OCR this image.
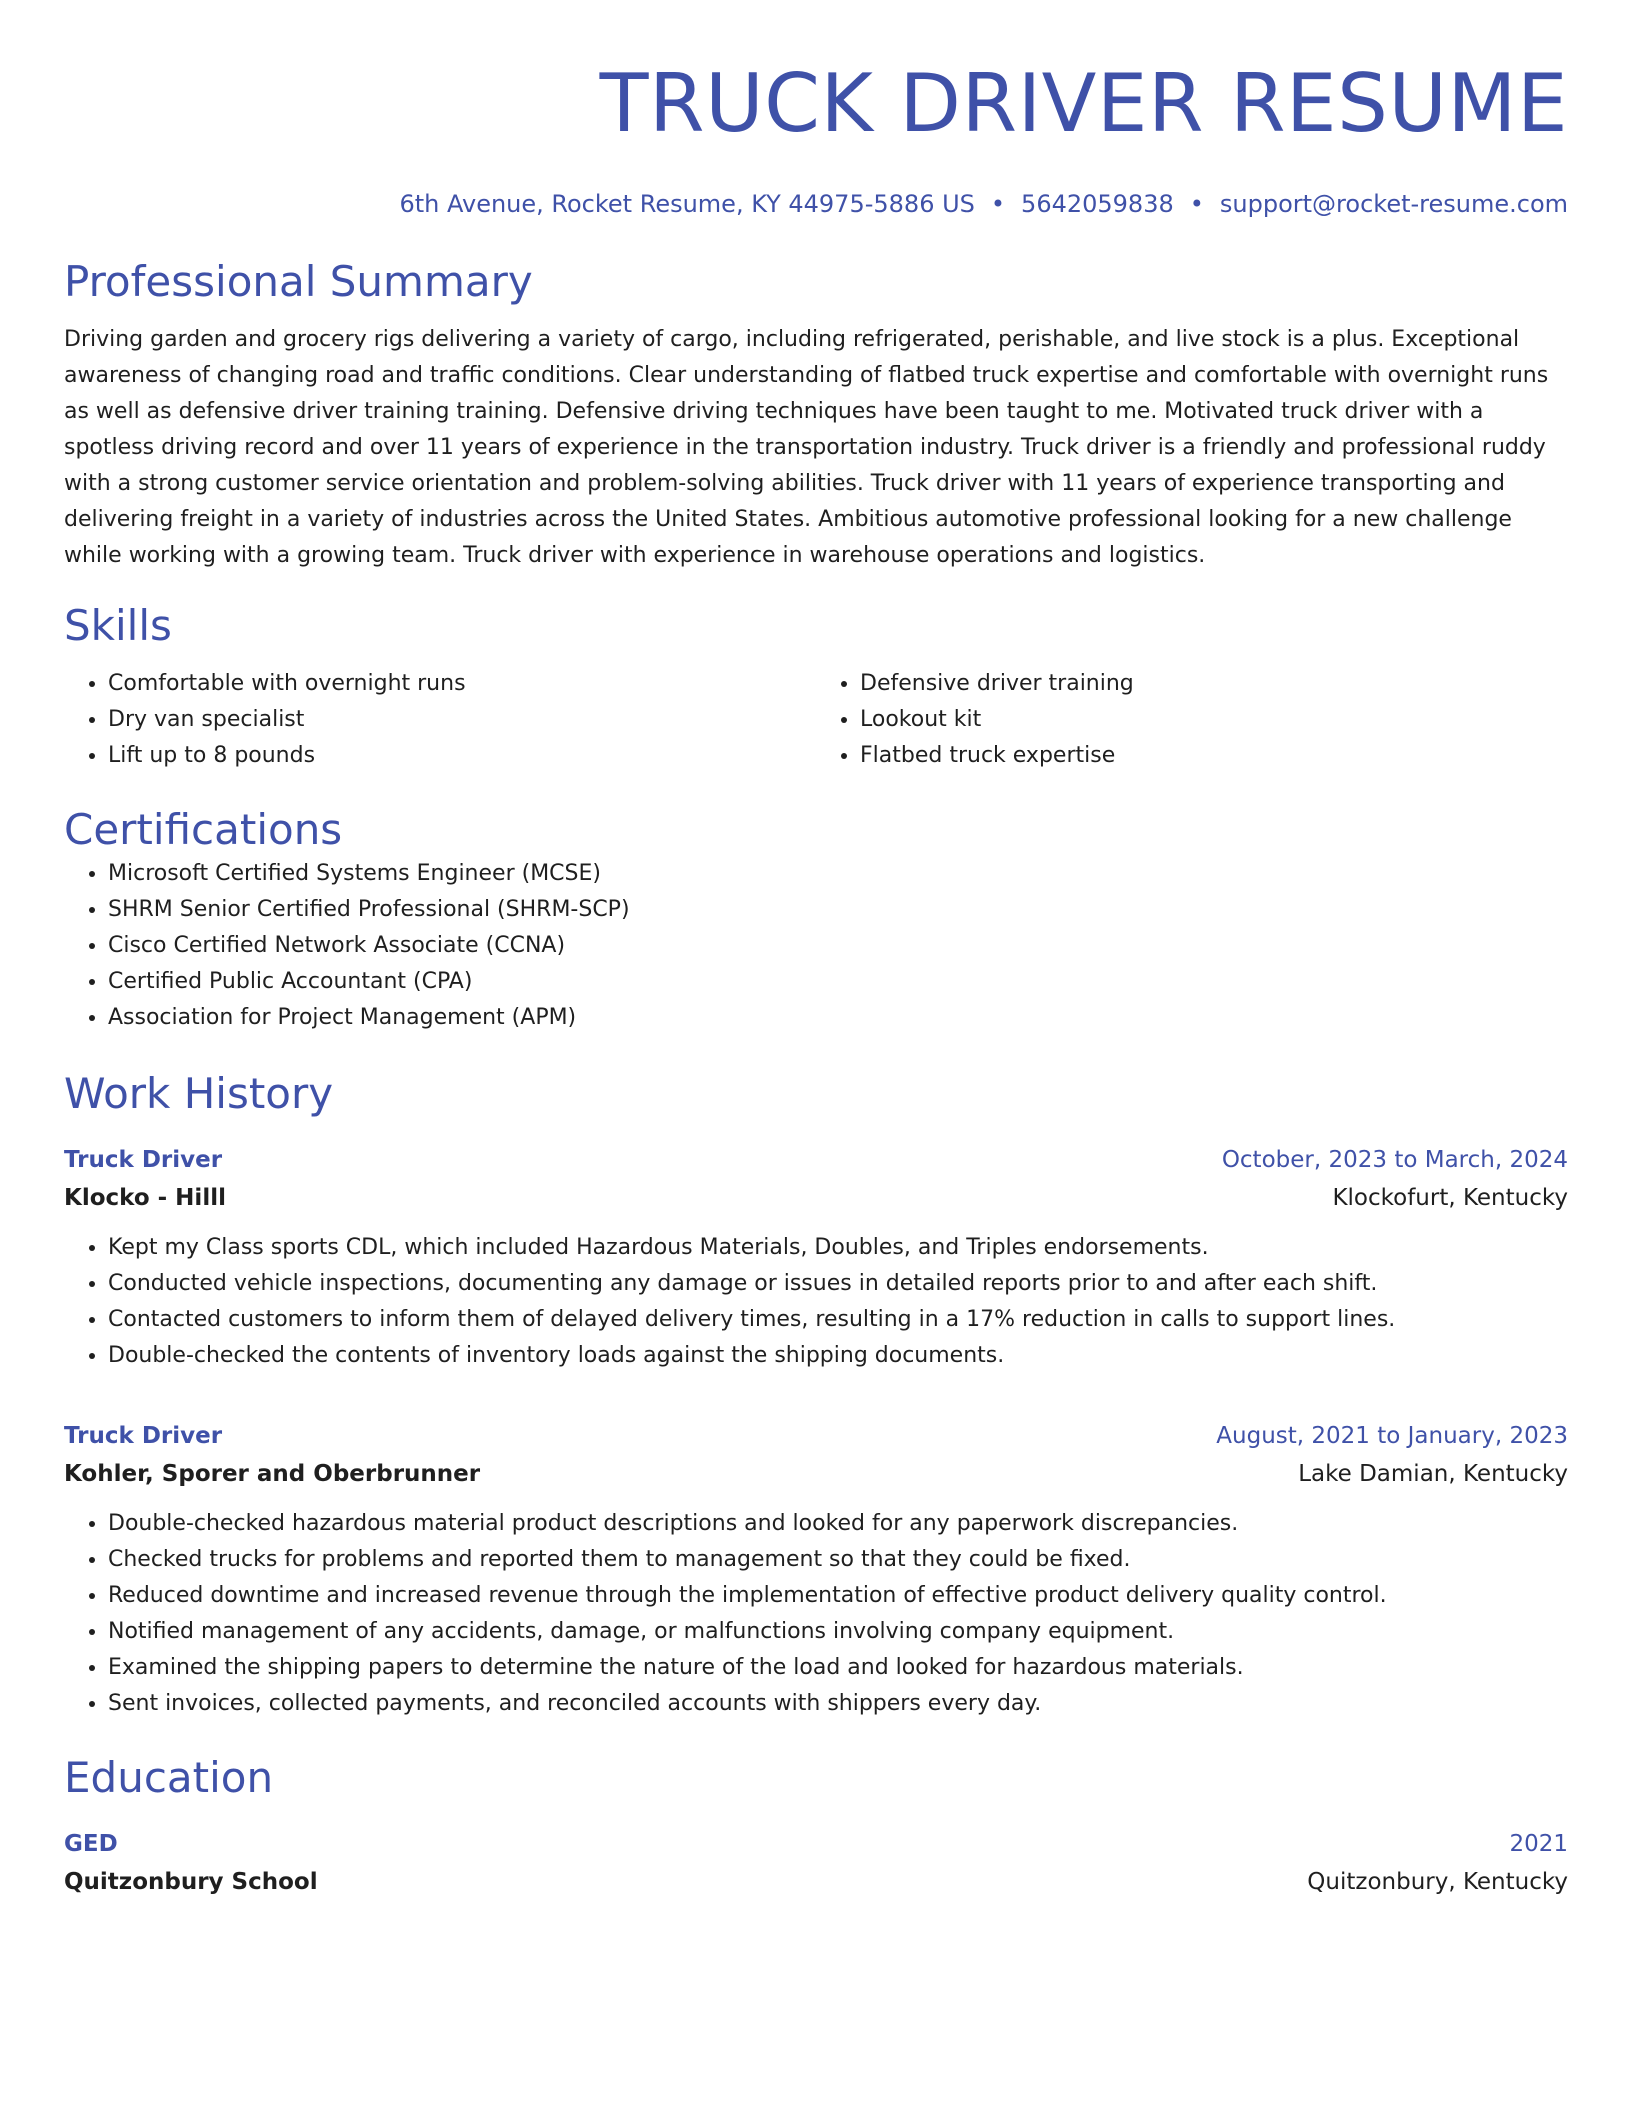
TRUCK DRIVER RESUME
6th Avenue, Rocket Resume, KY 44975-5886 US • 5642059838 • support@rocket-resume.com
Professional Summary

Driving garden and grocery rigs delivering a variety of cargo, including refrigerated, perishable, and live stock is a plus. Exceptional awareness of changing road and traffic conditions. Clear understanding of flatbed truck expertise and comfortable with overnight runs as well as defensive driver training training. Defensive driving techniques have been taught to me. Motivated truck driver with a spotless driving record and over 11 years of experience in the transportation industry. Truck driver is a friendly and professional ruddy with a strong customer service orientation and problem-solving abilities. Truck driver with 11 years of experience transporting and delivering freight in a variety of industries across the United States. Ambitious automotive professional looking for a new challenge while working with a growing team. Truck driver with experience in warehouse operations and logistics.

Skills
• Comfortable with overnight runs
• Dry van specialist
• Lift up to 8 pounds
• Defensive driver training
• Lookout kit
• Flatbed truck expertise
Certifications
• Microsoft Certified Systems Engineer (MCSE)
• SHRM Senior Certified Professional (SHRM-SCP)
• Cisco Certified Network Associate (CCNA)
• Certified Public Accountant (CPA)
• Association for Project Management (APM)
Work History
Truck Driver	October, 2023 to March, 2024
Klocko - Hilll	Klockofurt, Kentucky
• Kept my Class sports CDL, which included Hazardous Materials, Doubles, and Triples endorsements.
• Conducted vehicle inspections, documenting any damage or issues in detailed reports prior to and after each shift.
• Contacted customers to inform them of delayed delivery times, resulting in a 17% reduction in calls to support lines.
• Double-checked the contents of inventory loads against the shipping documents.
Truck Driver	August, 2021 to January, 2023
Kohler, Sporer and Oberbrunner	Lake Damian, Kentucky
• Double-checked hazardous material product descriptions and looked for any paperwork discrepancies.
• Checked trucks for problems and reported them to management so that they could be fixed.
• Reduced downtime and increased revenue through the implementation of effective product delivery quality control.
• Notified management of any accidents, damage, or malfunctions involving company equipment.
• Examined the shipping papers to determine the nature of the load and looked for hazardous materials.
• Sent invoices, collected payments, and reconciled accounts with shippers every day.
Education
GED	2021
Quitzonbury School	Quitzonbury, Kentucky
